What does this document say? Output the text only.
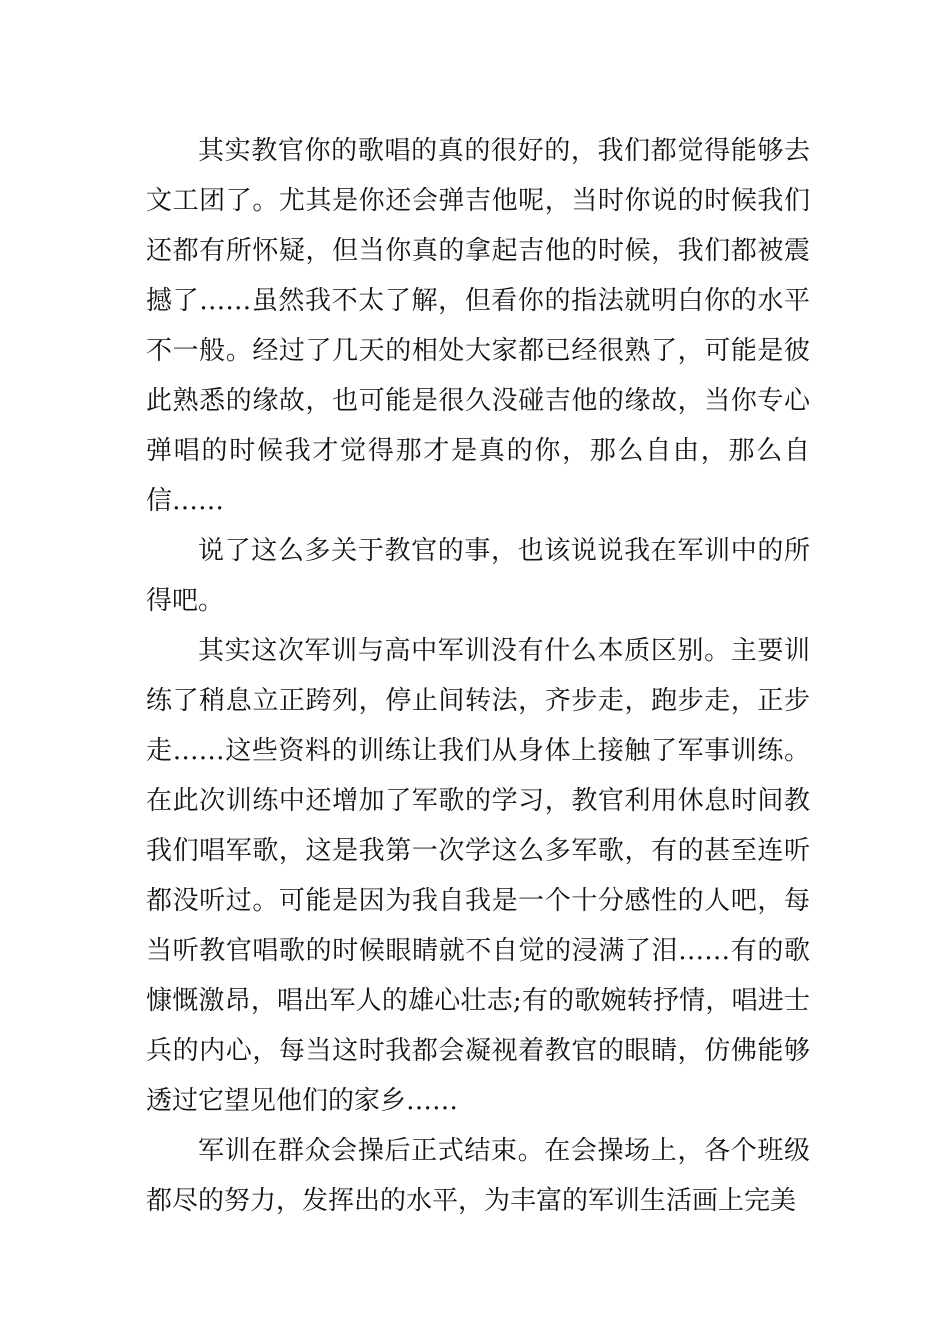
其实教官你的歌唱的真的很好的，我们都觉得能够去文工团了。尤其是你还会弹吉他呢，当时你说的时候我们还都有所怀疑，但当你真的拿起吉他的时候，我们都被震撼了……虽然我不太了解，但看你的指法就明白你的水平不一般。经过了几天的相处大家都已经很熟了，可能是彼此熟悉的缘故，也可能是很久没碰吉他的缘故，当你专心弹唱的时候我才觉得那才是真的你，那么自由，那么自信……

说了这么多关于教官的事，也该说说我在军训中的所得吧。

其实这次军训与高中军训没有什么本质区别。主要训练了稍息立正跨列，停止间转法，齐步走，跑步走，正步走……这些资料的训练让我们从身体上接触了军事训练。在此次训练中还增加了军歌的学习，教官利用休息时间教我们唱军歌，这是我第一次学这么多军歌，有的甚至连听都没听过。可能是因为我自我是一个十分感性的人吧，每当听教官唱歌的时候眼睛就不自觉的浸满了泪……有的歌慷慨激昂，唱出军人的雄心壮志;有的歌婉转抒情，唱进士兵的内心，每当这时我都会凝视着教官的眼睛，仿佛能够透过它望见他们的家乡……

军训在群众会操后正式结束。在会操场上，各个班级都尽的努力，发挥出的水平，为丰富的军训生活画上完美
